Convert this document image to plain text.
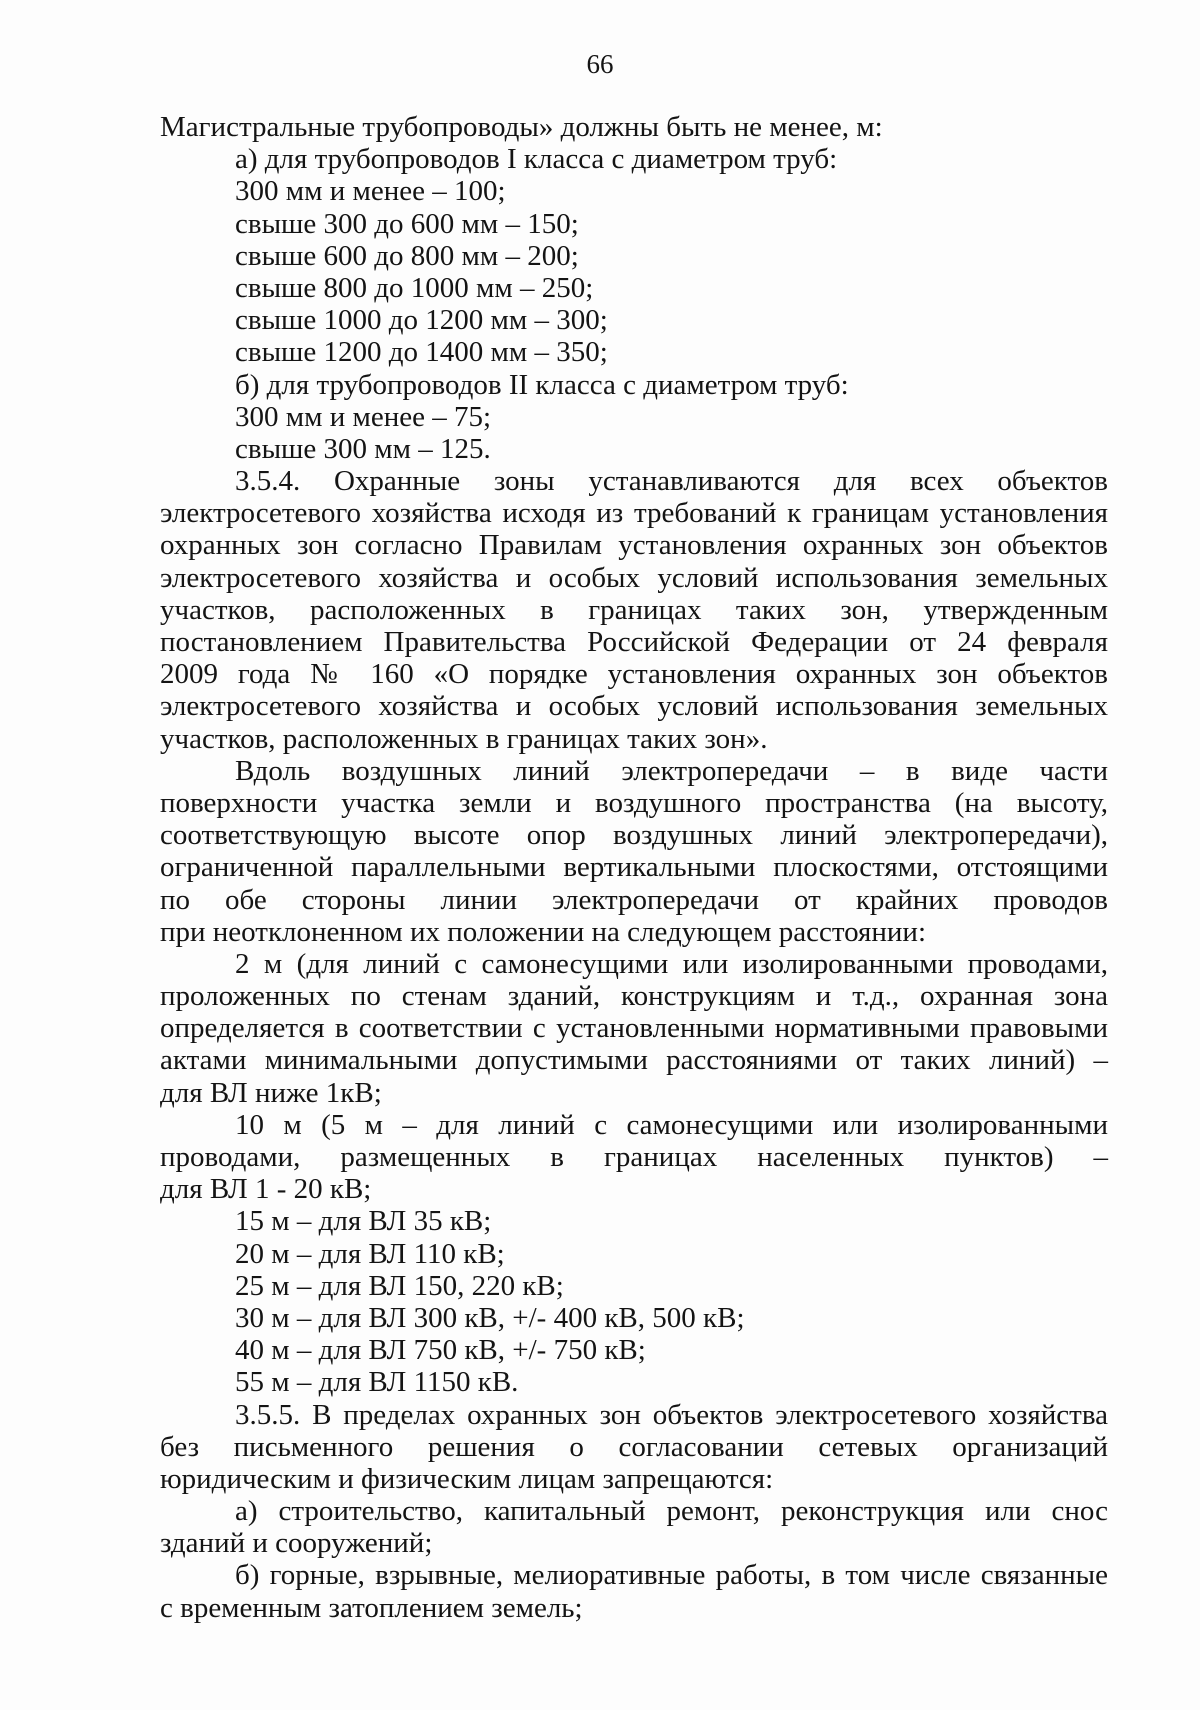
66
Магистральные трубопроводы» должны быть не менее, м:
а) для трубопроводов I класса с диаметром труб:
300 мм и менее – 100;
свыше 300 до 600 мм – 150;
свыше 600 до 800 мм – 200;
свыше 800 до 1000 мм – 250;
свыше 1000 до 1200 мм – 300;
свыше 1200 до 1400 мм – 350;
б) для трубопроводов II класса с диаметром труб:
300 мм и менее – 75;
свыше 300 мм – 125.
3.5.4. Охранные зоны устанавливаются для всех объектов
электросетевого хозяйства исходя из требований к границам установления
охранных зон согласно Правилам установления охранных зон объектов
электросетевого хозяйства и особых условий использования земельных
участков, расположенных в границах таких зон, утвержденным
постановлением Правительства Российской Федерации от 24 февраля
2009 года № 160 «О порядке установления охранных зон объектов
электросетевого хозяйства и особых условий использования земельных
участков, расположенных в границах таких зон».
Вдоль воздушных линий электропередачи – в виде части
поверхности участка земли и воздушного пространства (на высоту,
соответствующую высоте опор воздушных линий электропередачи),
ограниченной параллельными вертикальными плоскостями, отстоящими
по обе стороны линии электропередачи от крайних проводов
при неотклоненном их положении на следующем расстоянии:
2 м (для линий с самонесущими или изолированными проводами,
проложенных по стенам зданий, конструкциям и т.д., охранная зона
определяется в соответствии с установленными нормативными правовыми
актами минимальными допустимыми расстояниями от таких линий) –
для ВЛ ниже 1кВ;
10 м (5 м – для линий с самонесущими или изолированными
проводами, размещенных в границах населенных пунктов) –
для ВЛ 1 - 20 кВ;
15 м – для ВЛ 35 кВ;
20 м – для ВЛ 110 кВ;
25 м – для ВЛ 150, 220 кВ;
30 м – для ВЛ 300 кВ, +/- 400 кВ, 500 кВ;
40 м – для ВЛ 750 кВ, +/- 750 кВ;
55 м – для ВЛ 1150 кВ.
3.5.5. В пределах охранных зон объектов электросетевого хозяйства
без письменного решения о согласовании сетевых организаций
юридическим и физическим лицам запрещаются:
а) строительство, капитальный ремонт, реконструкция или снос
зданий и сооружений;
б) горные, взрывные, мелиоративные работы, в том числе связанные
с временным затоплением земель;
